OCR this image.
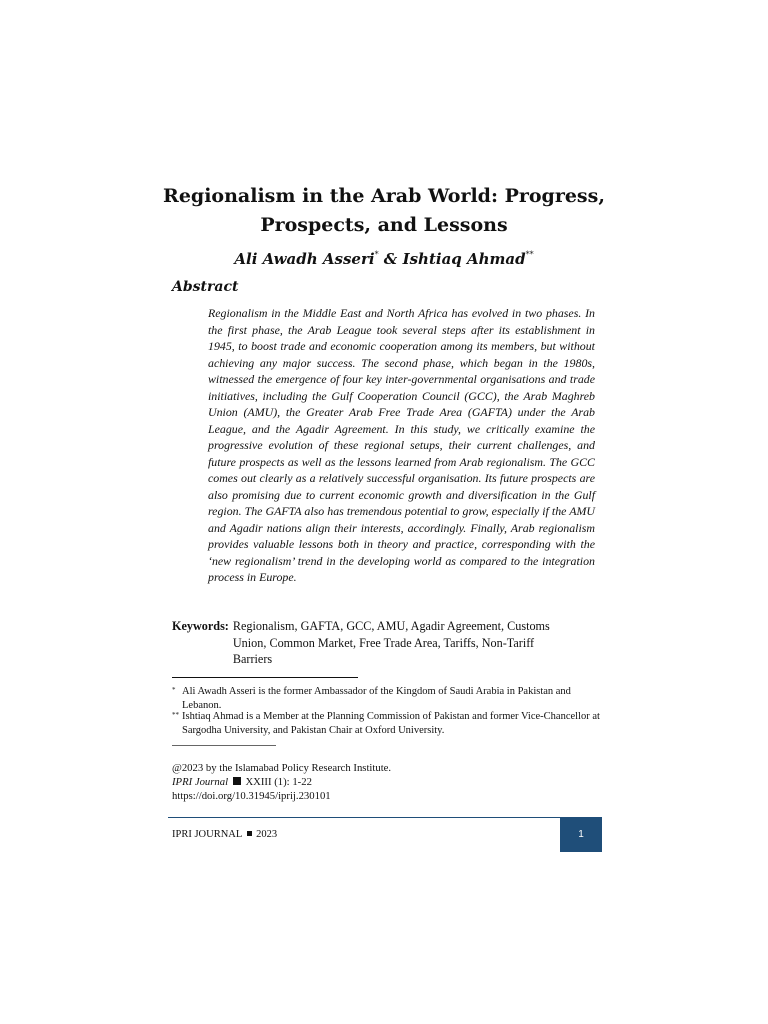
Regionalism in the Arab World: Progress, Prospects, and Lessons
Ali Awadh Asseri* & Ishtiaq Ahmad**
Abstract

Regionalism in the Middle East and North Africa has evolved in two phases. In the first phase, the Arab League took several steps after its establishment in 1945, to boost trade and economic cooperation among its members, but without achieving any major success. The second phase, which began in the 1980s, witnessed the emergence of four key inter-governmental organisations and trade initiatives, including the Gulf Cooperation Council (GCC), the Arab Maghreb Union (AMU), the Greater Arab Free Trade Area (GAFTA) under the Arab League, and the Agadir Agreement. In this study, we critically examine the progressive evolution of these regional setups, their current challenges, and future prospects as well as the lessons learned from Arab regionalism. The GCC comes out clearly as a relatively successful organisation. Its future prospects are also promising due to current economic growth and diversification in the Gulf region. The GAFTA also has tremendous potential to grow, especially if the AMU and Agadir nations align their interests, accordingly. Finally, Arab regionalism provides valuable lessons both in theory and practice, corresponding with the ‘new regionalism’ trend in the developing world as compared to the integration process in Europe.

Keywords: Regionalism, GAFTA, GCC, AMU, Agadir Agreement, Customs Union, Common Market, Free Trade Area, Tariffs, Non-Tariff Barriers
* Ali Awadh Asseri is the former Ambassador of the Kingdom of Saudi Arabia in Pakistan and Lebanon.
** Ishtiaq Ahmad is a Member at the Planning Commission of Pakistan and former Vice-Chancellor at Sargodha University, and Pakistan Chair at Oxford University.
@2023 by the Islamabad Policy Research Institute.
IPRI Journal XXIII (1): 1-22
https://doi.org/10.31945/iprij.230101
IPRI JOURNAL 2023	1
